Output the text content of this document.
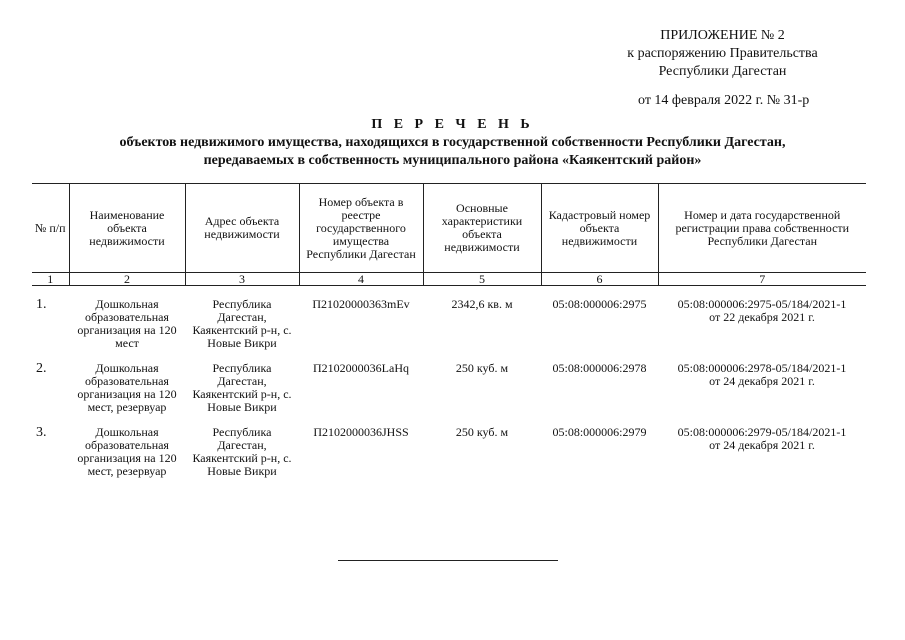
ПРИЛОЖЕНИЕ № 2
к распоряжению Правительства
Республики Дагестан
от 14 февраля 2022 г. № 31-р
П Е Р Е Ч Е Н Ь
объектов недвижимого имущества, находящихся в государственной собственности Республики Дагестан,
передаваемых в собственность муниципального района «Каякентский район»
№ п/п	Наименование объекта недвижимости	Адрес объекта недвижимости	Номер объекта в реестре государственного имущества Республики Дагестан	Основные характеристики объекта недвижимости	Кадастровый номер объекта недвижимости	Номер и дата государственной регистрации права собственности Республики Дагестан
1	2	3	4	5	6	7
1.	Дошкольная образовательная организация на 120 мест	Республика Дагестан, Каякентский р-н, с. Новые Викри	П21020000363mEv	2342,6 кв. м	05:08:000006:2975	05:08:000006:2975-05/184/2021-1
от 22 декабря 2021 г.

2.	Дошкольная образовательная организация на 120 мест, резервуар	Республика Дагестан, Каякентский р-н, с. Новые Викри	П2102000036LaHq	250 куб. м	05:08:000006:2978	05:08:000006:2978-05/184/2021-1
от 24 декабря 2021 г.

3.	Дошкольная образовательная организация на 120 мест, резервуар	Республика Дагестан, Каякентский р-н, с. Новые Викри	П2102000036JHSS	250 куб. м	05:08:000006:2979	05:08:000006:2979-05/184/2021-1
от 24 декабря 2021 г.
